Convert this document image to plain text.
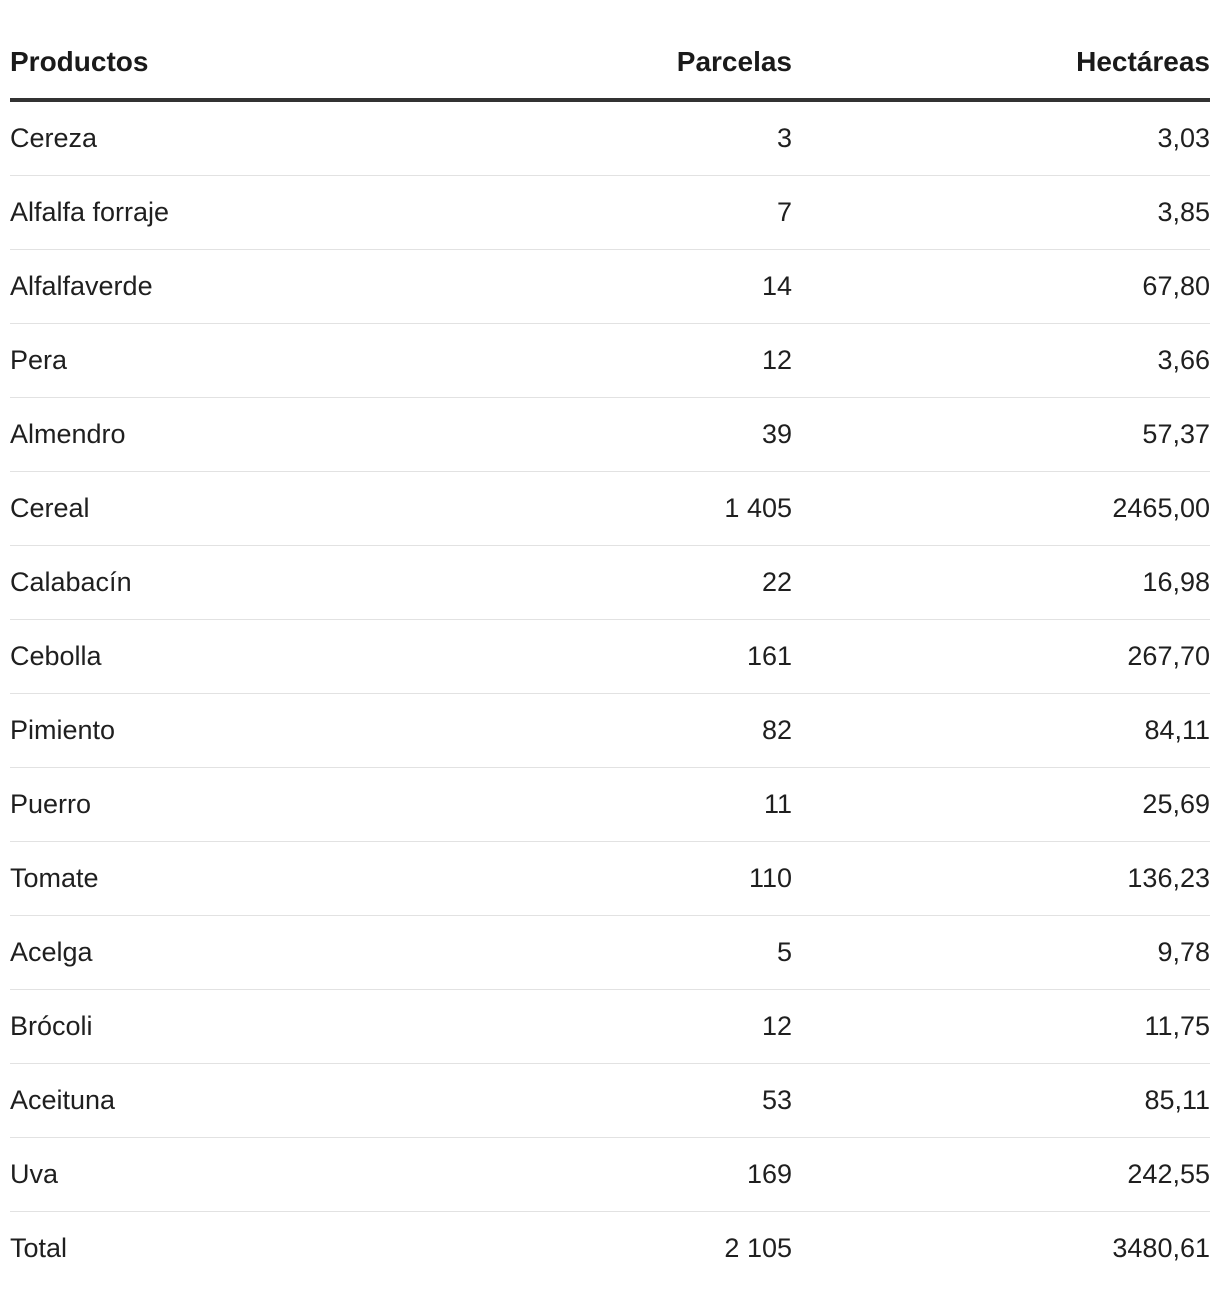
Productos	Parcelas	Hectáreas
Cereza	3	3,03
Alfalfa forraje	7	3,85
Alfalfaverde	14	67,80
Pera	12	3,66
Almendro	39	57,37
Cereal	1 405	2465,00
Calabacín	22	16,98
Cebolla	161	267,70
Pimiento	82	84,11
Puerro	11	25,69
Tomate	110	136,23
Acelga	5	9,78
Brócoli	12	11,75
Aceituna	53	85,11
Uva	169	242,55
Total	2 105	3480,61
